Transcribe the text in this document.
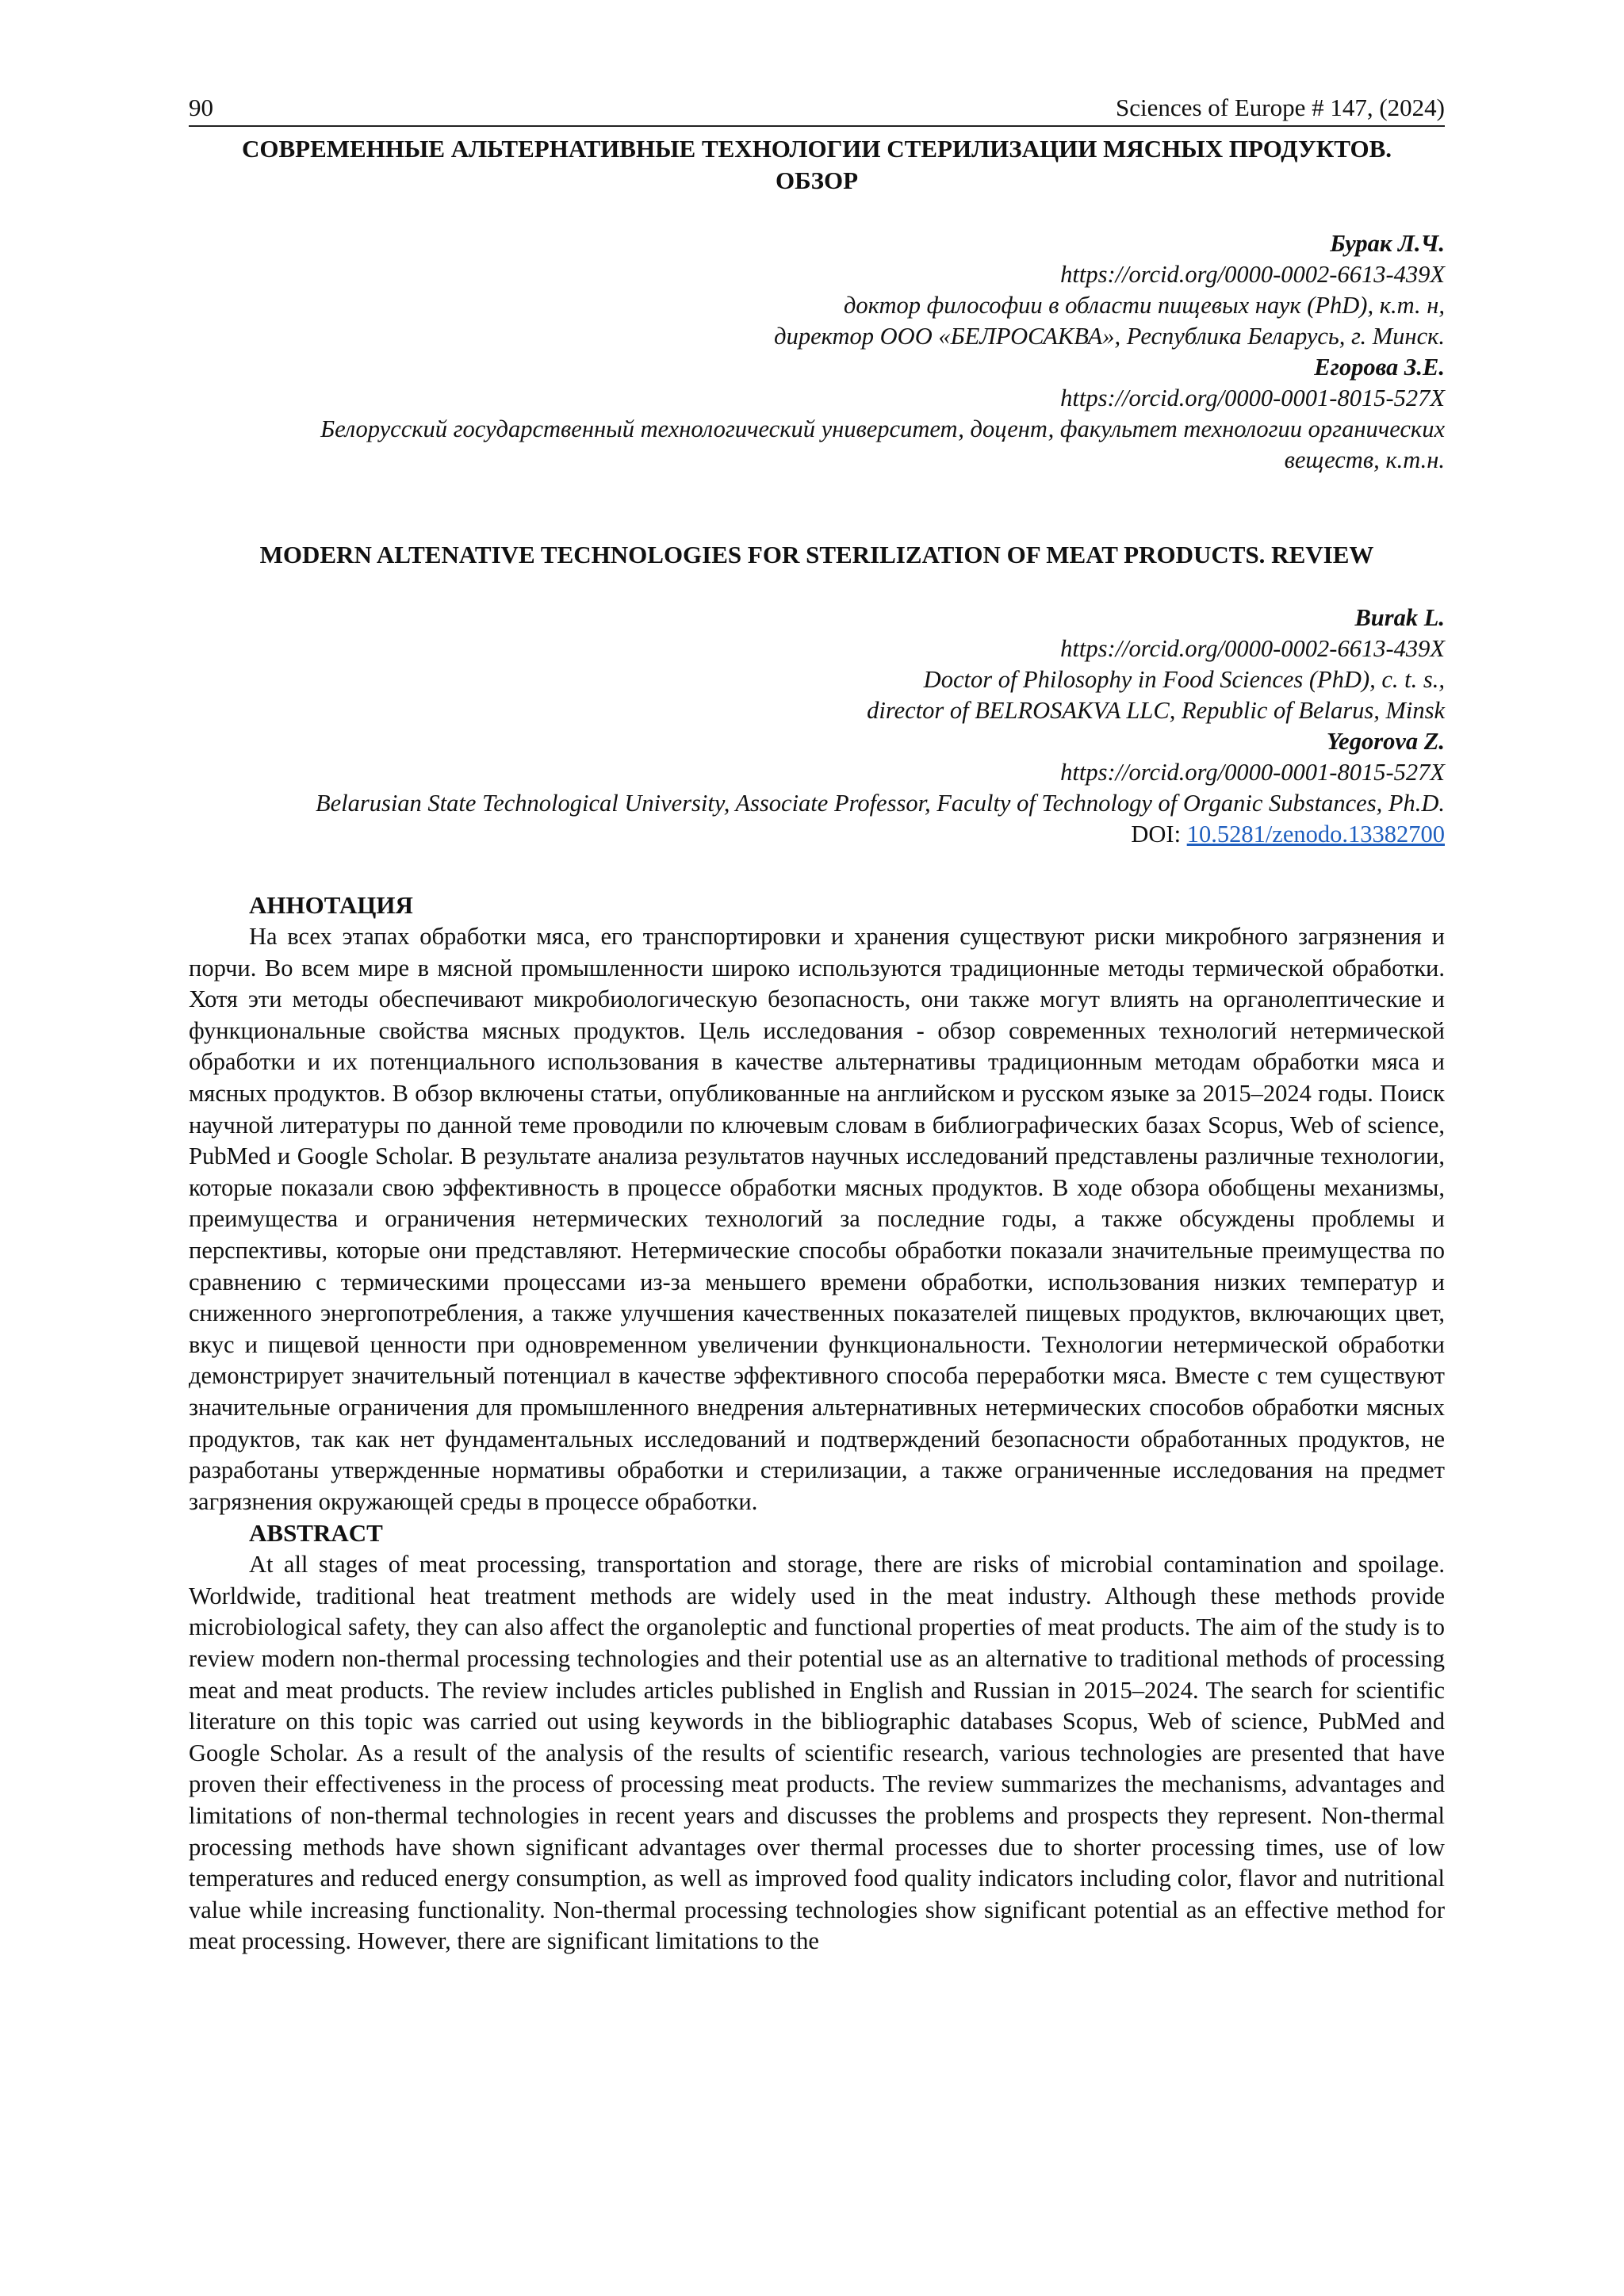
90	Sciences of Europe # 147, (2024)
СОВРЕМЕННЫЕ АЛЬТЕРНАТИВНЫЕ ТЕХНОЛОГИИ СТЕРИЛИЗАЦИИ МЯСНЫХ ПРОДУКТОВ. ОБЗОР
Бурак Л.Ч.
https://orcid.org/0000-0002-6613-439X
доктор философии в области пищевых наук (PhD), к.т. н,
директор ООО «БЕЛРОСАКВА», Республика Беларусь, г. Минск.
Егорова З.Е.
https://orcid.org/0000-0001-8015-527X
Белорусский государственный технологический университет, доцент, факультет технологии органических веществ, к.т.н.
MODERN ALTENATIVE TECHNOLOGIES FOR STERILIZATION OF MEAT PRODUCTS. REVIEW
Burak L.
https://orcid.org/0000-0002-6613-439X
Doctor of Philosophy in Food Sciences (PhD), c. t. s.,
director of BELROSAKVA LLC, Republic of Belarus, Minsk
Yegorova Z.
https://orcid.org/0000-0001-8015-527X
Belarusian State Technological University, Associate Professor, Faculty of Technology of Organic Substances, Ph.D.
DOI: 10.5281/zenodo.13382700
АННОТАЦИЯ

На всех этапах обработки мяса, его транспортировки и хранения существуют риски микробного загрязнения и порчи. Во всем мире в мясной промышленности широко используются традиционные методы термической обработки. Хотя эти методы обеспечивают микробиологическую безопасность, они также могут влиять на органолептические и функциональные свойства мясных продуктов. Цель исследования - обзор современных технологий нетермической обработки и их потенциального использования в качестве альтернативы традиционным методам обработки мяса и мясных продуктов. В обзор включены статьи, опубликованные на английском и русском языке за 2015–2024 годы. Поиск научной литературы по данной теме проводили по ключевым словам в библиографических базах Scopus, Web of science, PubMed и Google Scholar. В результате анализа результатов научных исследований представлены различные технологии, которые показали свою эффективность в процессе обработки мясных продуктов. В ходе обзора обобщены механизмы, преимущества и ограничения нетермических технологий за последние годы, а также обсуждены проблемы и перспективы, которые они представляют. Нетермические способы обработки показали значительные преимущества по сравнению с термическими процессами из-за меньшего времени обработки, использования низких температур и сниженного энергопотребления, а также улучшения качественных показателей пищевых продуктов, включающих цвет, вкус и пищевой ценности при одновременном увеличении функциональности. Технологии нетермической обработки демонстрирует значительный потенциал в качестве эффективного способа переработки мяса. Вместе с тем существуют значительные ограничения для промышленного внедрения альтернативных нетермических способов обработки мясных продуктов, так как нет фундаментальных исследований и подтверждений безопасности обработанных продуктов, не разработаны утвержденные нормативы обработки и стерилизации, а также ограниченные исследования на предмет загрязнения окружающей среды в процессе обработки.

ABSTRACT

At all stages of meat processing, transportation and storage, there are risks of microbial contamination and spoilage. Worldwide, traditional heat treatment methods are widely used in the meat industry. Although these methods provide microbiological safety, they can also affect the organoleptic and functional properties of meat products. The aim of the study is to review modern non-thermal processing technologies and their potential use as an alternative to traditional methods of processing meat and meat products. The review includes articles published in English and Russian in 2015–2024. The search for scientific literature on this topic was carried out using keywords in the bibliographic databases Scopus, Web of science, PubMed and Google Scholar. As a result of the analysis of the results of scientific research, various technologies are presented that have proven their effectiveness in the process of processing meat products. The review summarizes the mechanisms, advantages and limitations of non-thermal technologies in recent years and discusses the problems and prospects they represent. Non-thermal processing methods have shown significant advantages over thermal processes due to shorter processing times, use of low temperatures and reduced energy consumption, as well as improved food quality indicators including color, flavor and nutritional value while increasing functionality. Non-thermal processing technologies show significant potential as an effective method for meat processing. However, there are significant limitations to the
